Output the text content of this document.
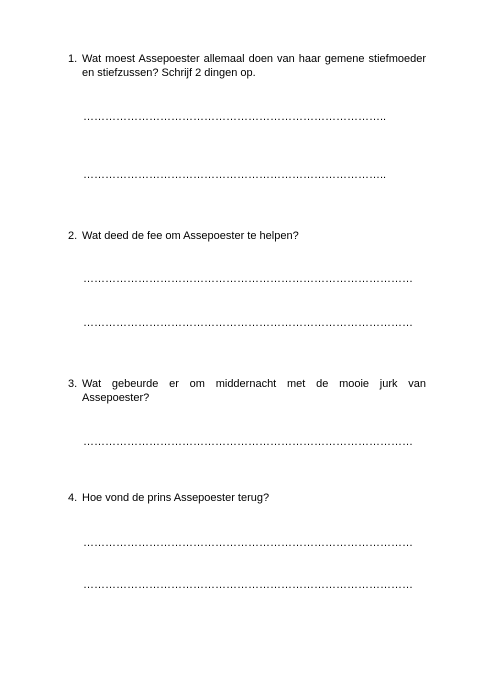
1. Wat moest Assepoester allemaal doen van haar gemene stiefmoeder en stiefzussen? Schrijf 2 dingen op.
………………………………………………………………………..
………………………………………………………………………..
2. Wat deed de fee om Assepoester te helpen?
………………………………………………………………………………
………………………………………………………………………………
3. Wat gebeurde er om middernacht met de mooie jurk van Assepoester?
………………………………………………………………………………
4. Hoe vond de prins Assepoester terug?
………………………………………………………………………………
………………………………………………………………………………
